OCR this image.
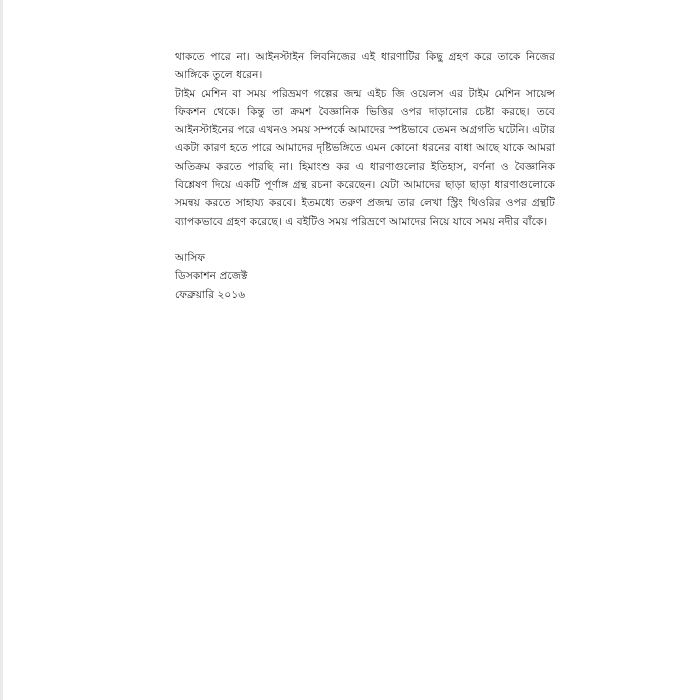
থাকতে পারে না। আইনস্টাইন লিবনিজের এই ধারণাটির কিছু গ্রহণ করে তাকে নিজের আঙ্গিকে তুলে ধরেন।

টাইম মেশিন বা সময় পরিভ্রমণ গল্পের জন্ম এইচ জি ওয়েলস এর টাইম মেশিন সায়েন্স ফিকশন থেকে। কিন্তু তা ক্রমশ বৈজ্ঞানিক ভিত্তির ওপর দাড়ানোর চেষ্টা করছে। তবে আইনস্টাইনের পরে এখনও সময় সম্পর্কে আমাদের স্পষ্টভাবে তেমন অগ্রগতি ঘটেনি। এটার একটা কারণ হতে পারে আমাদের দৃষ্টিভঙ্গিতে এমন কোনো ধরনের বাধা আছে যাকে আমরা অতিক্রম করতে পারছি না। হিমাংশু কর এ ধারণাগুলোর ইতিহাস, বর্ণনা ও বৈজ্ঞানিক বিশ্লেষণ দিয়ে একটি পূর্ণাঙ্গ গ্রন্থ রচনা করেছেন। যেটা আমাদের ছাড়া ছাড়া ধারণাগুলোকে সমন্বয় করতে সাহায্য করবে। ইতমধ্যে তরুণ প্রজন্ম তার লেখা স্ট্রিং থিওরির ওপর গ্রন্থটি ব্যাপকভাবে গ্রহণ করেছে। এ বইটিও সময় পরিভ্রণে আমাদের নিয়ে যাবে সময় নদীর বাঁকে।

আসিফ

ডিসকাশন প্রজেক্ট

ফেব্রুয়ারি ২০১৬
